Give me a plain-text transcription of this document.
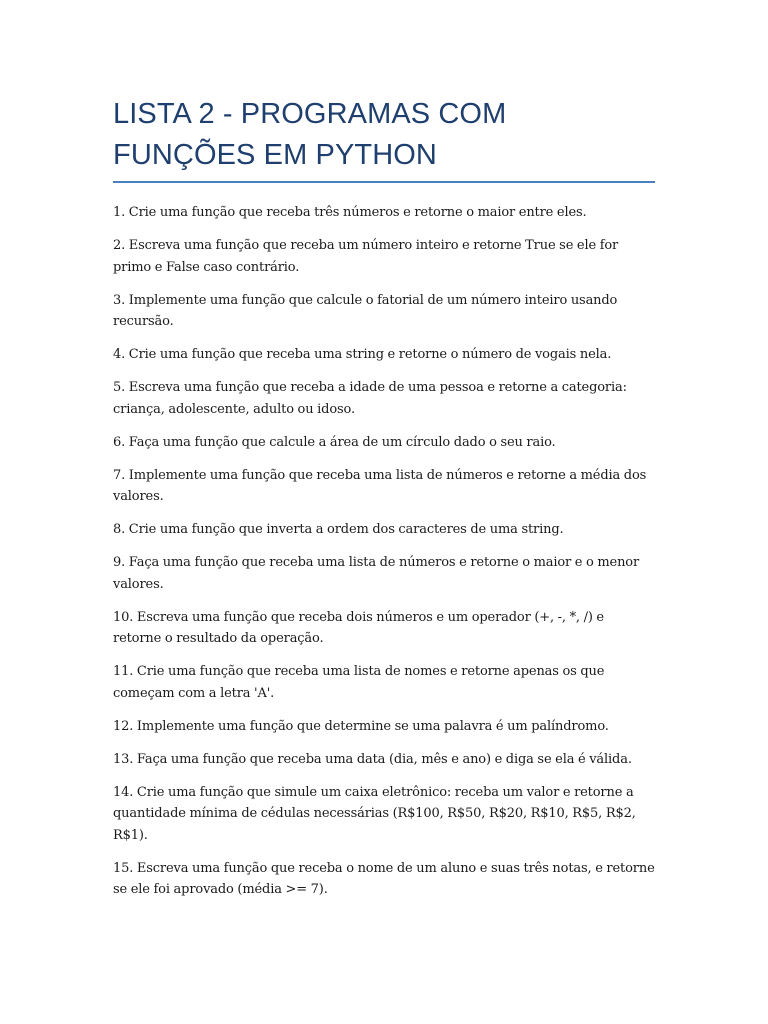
LISTA 2 - PROGRAMAS COM FUNÇÕES EM PYTHON
1. Crie uma função que receba três números e retorne o maior entre eles.
2. Escreva uma função que receba um número inteiro e retorne True se ele for primo e False caso contrário.
3. Implemente uma função que calcule o fatorial de um número inteiro usando recursão.
4. Crie uma função que receba uma string e retorne o número de vogais nela.
5. Escreva uma função que receba a idade de uma pessoa e retorne a categoria: criança, adolescente, adulto ou idoso.
6. Faça uma função que calcule a área de um círculo dado o seu raio.
7. Implemente uma função que receba uma lista de números e retorne a média dos valores.
8. Crie uma função que inverta a ordem dos caracteres de uma string.
9. Faça uma função que receba uma lista de números e retorne o maior e o menor valores.
10. Escreva uma função que receba dois números e um operador (+, -, *, /) e retorne o resultado da operação.
11. Crie uma função que receba uma lista de nomes e retorne apenas os que começam com a letra 'A'.
12. Implemente uma função que determine se uma palavra é um palíndromo.
13. Faça uma função que receba uma data (dia, mês e ano) e diga se ela é válida.
14. Crie uma função que simule um caixa eletrônico: receba um valor e retorne a quantidade mínima de cédulas necessárias (R$100, R$50, R$20, R$10, R$5, R$2, R$1).
15. Escreva uma função que receba o nome de um aluno e suas três notas, e retorne se ele foi aprovado (média >= 7).
